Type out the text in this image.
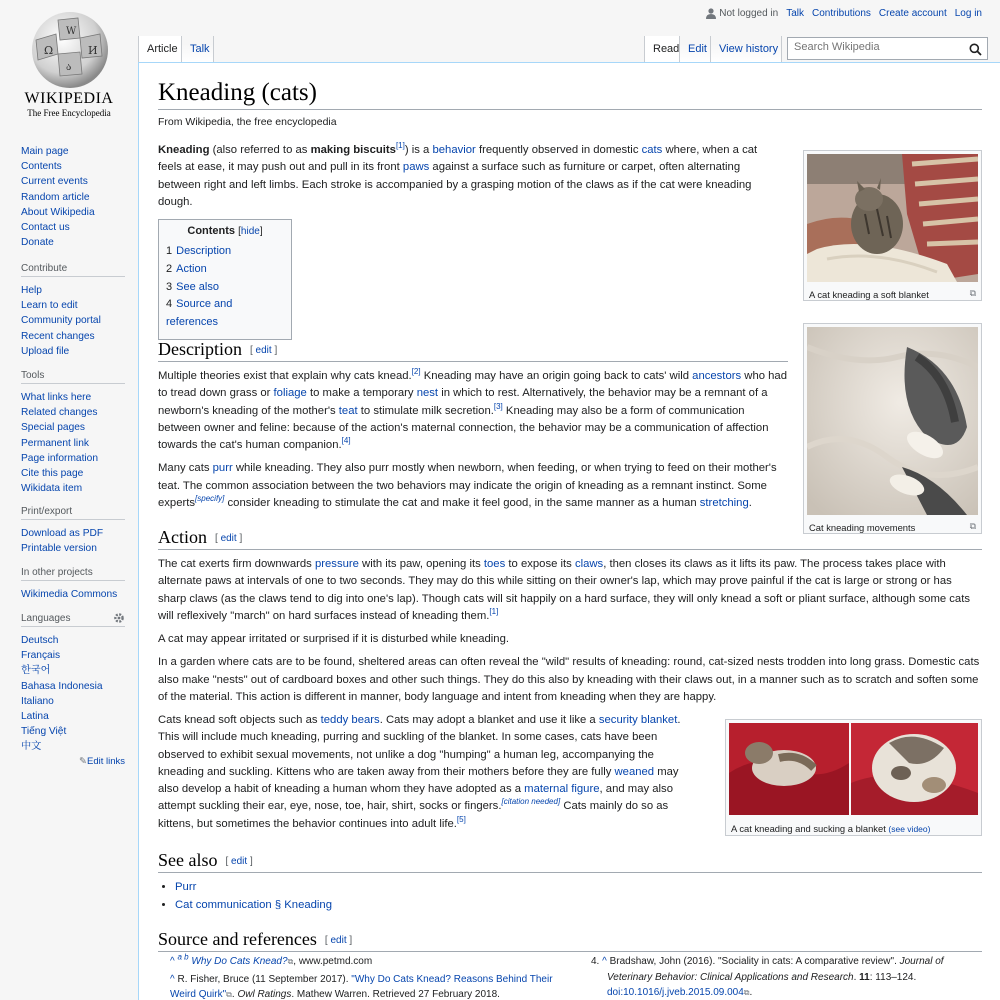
Ω
W
И
ა
WIKIPEDIA
The Free Encyclopedia
Main page
Contents
Current events
Random article
About Wikipedia
Contact us
Donate
Contribute
Help
Learn to edit
Community portal
Recent changes
Upload file
Tools
What links here
Related changes
Special pages
Permanent link
Page information
Cite this page
Wikidata item
Print/export
Download as PDF
Printable version
In other projects
Wikimedia Commons
Languages
Deutsch
Français
한국어
Bahasa Indonesia
Italiano
Latina
Tiếng Việt
中文
✎Edit links
Not logged in Talk Contributions Create account Log in
Article	Talk	Read Edit	View history
Search Wikipedia
Kneading (cats)
From Wikipedia, the free encyclopedia

Kneading (also referred to as making biscuits[1]) is a behavior frequently observed in domestic cats where, when a cat feels at ease, it may push out and pull in its front paws against a surface such as furniture or carpet, often alternating between right and left limbs. Each stroke is accompanied by a grasping motion of the claws as if the cat were kneading dough.

Contents [hide]
1 Description
2 Action
3 See also
4 Source and references
A cat kneading a soft blanket	⧉
Cat kneading movements	⧉
Description [ edit ]

Multiple theories exist that explain why cats knead.[2] Kneading may have an origin going back to cats' wild ancestors who had to tread down grass or foliage to make a temporary nest in which to rest. Alternatively, the behavior may be a remnant of a newborn's kneading of the mother's teat to stimulate milk secretion.[3] Kneading may also be a form of communication between owner and feline: because of the action's maternal connection, the behavior may be a communication of affection towards the cat's human companion.[4]

Many cats purr while kneading. They also purr mostly when newborn, when feeding, or when trying to feed on their mother's teat. The common association between the two behaviors may indicate the origin of kneading as a remnant instinct. Some experts[specify] consider kneading to stimulate the cat and make it feel good, in the same manner as a human stretching.

Action [ edit ]

The cat exerts firm downwards pressure with its paw, opening its toes to expose its claws, then closes its claws as it lifts its paw. The process takes place with alternate paws at intervals of one to two seconds. They may do this while sitting on their owner's lap, which may prove painful if the cat is large or strong or has sharp claws (as the claws tend to dig into one's lap). Though cats will sit happily on a hard surface, they will only knead a soft or pliant surface, although some cats will reflexively "march" on hard surfaces instead of kneading them.[1]

A cat may appear irritated or surprised if it is disturbed while kneading.

In a garden where cats are to be found, sheltered areas can often reveal the "wild" results of kneading: round, cat-sized nests trodden into long grass. Domestic cats also make "nests" out of cardboard boxes and other such things. They do this also by kneading with their claws out, in a manner such as to scratch and soften some of the material. This action is different in manner, body language and intent from kneading when they are happy.

A cat kneading and sucking a blanket (see video)

Cats knead soft objects such as teddy bears. Cats may adopt a blanket and use it like a security blanket. This will include much kneading, purring and suckling of the blanket. In some cases, cats have been observed to exhibit sexual movements, not unlike a dog "humping" a human leg, accompanying the kneading and suckling. Kittens who are taken away from their mothers before they are fully weaned may also develop a habit of kneading a human whom they have adopted as a maternal figure, and may also attempt suckling their ear, eye, nose, toe, hair, shirt, socks or fingers.[citation needed] Cats mainly do so as kittens, but sometimes the behavior continues into adult life.[5]

See also [ edit ]
• Purr
• Cat communication § Kneading
Source and references [ edit ]
^ $^{a b}$ Why Do Cats Knead?⧉, www.petmd.com
^ R. Fisher, Bruce (11 September 2017). "Why Do Cats Knead? Reasons Behind Their Weird Quirk"⧉. Owl Ratings. Mathew Warren. Retrieved 27 February 2018.
4. ^ Bradshaw, John (2016). "Sociality in cats: A comparative review". Journal of Veterinary Behavior: Clinical Applications and Research. 11: 113–124. doi:10.1016/j.jveb.2015.09.004⧉.
